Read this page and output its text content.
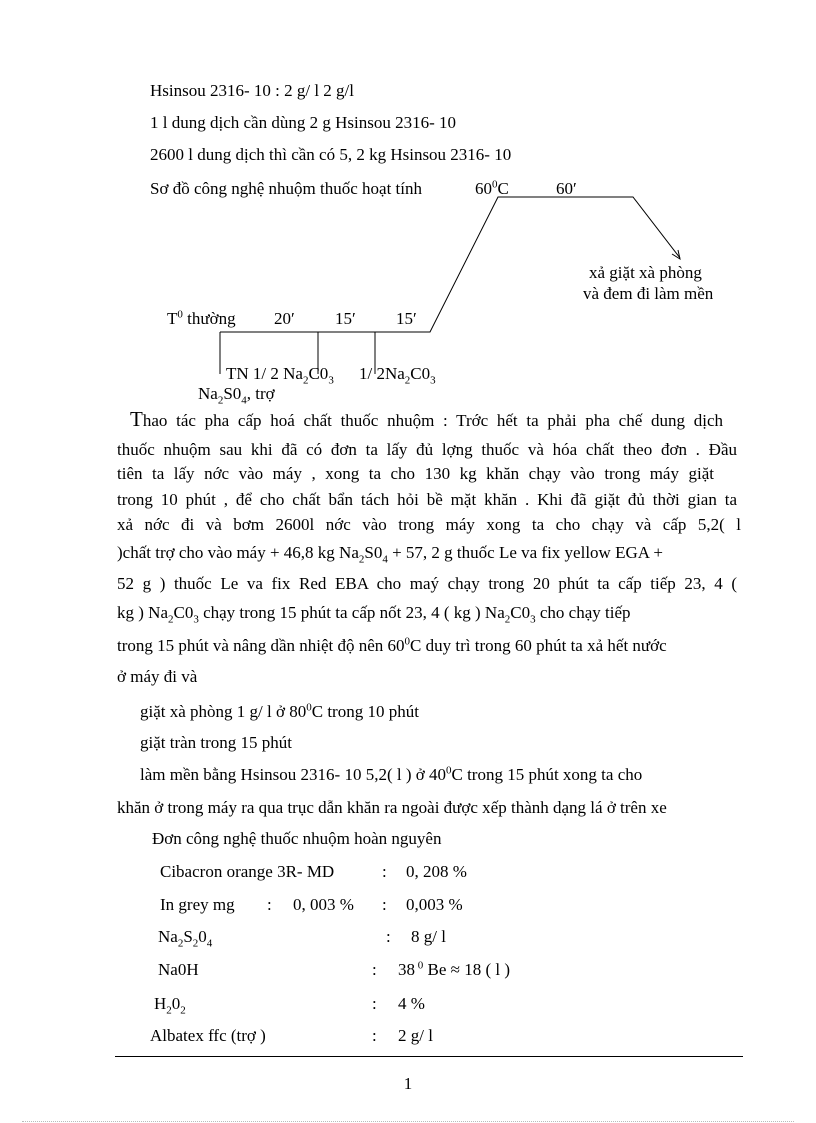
Hsinsou 2316- 10 : 2 g/ l 2 g/l
1 l dung dịch cần dùng 2 g Hsinsou 2316- 10
2600 l dung dịch thì cần có 5, 2 kg Hsinsou 2316- 10
Sơ đồ công nghệ nhuộm thuốc hoạt tính	$60^0C$	60′
xả giặt xà phòng
và đem đi làm mền
$T^0$ thường 20′ 15′ 15′
TN 1/ 2 $Na_2C0_3$ 1/ $2Na_2C0_3$
$Na_2S0_4$, trợ
Thao tác pha cấp hoá chất thuốc nhuộm : Trớc hết ta phải pha chế dung dịch
thuốc nhuộm sau khi đã có đơn ta lấy đủ lợng thuốc và hóa chất theo đơn . Đầu
tiên ta lấy nớc vào máy , xong ta cho 130 kg khăn chạy vào trong máy giặt
trong 10 phút , để cho chất bẩn tách hỏi bề mặt khăn . Khi đã giặt đủ thời gian ta
xả nớc đi và bơm 2600l nớc vào trong máy xong ta cho chạy và cấp 5,2( l
)chất trợ cho vào máy + 46,8 kg $Na_2S0_4 + 57$, 2 g thuốc Le va fix yellow EGA +
52 g ) thuốc Le va fix Red EBA cho maý chạy trong 20 phút ta cấp tiếp 23, 4 (
kg ) $Na_2C0_3$ chạy trong 15 phút ta cấp nốt 23, 4 ( kg ) $Na_2C0_3$ cho chạy tiếp
trong 15 phút và nâng dần nhiệt độ nên $60^0C$ duy trì trong 60 phút ta xả hết nước
ở máy đi và
giặt xà phòng 1 g/ l ở $80^0C$ trong 10 phút
giặt tràn trong 15 phút
làm mền bằng Hsinsou 2316- 10 5,2( l ) ở $40^0C$ trong 15 phút xong ta cho
khăn ở trong máy ra qua trục dẫn khăn ra ngoài được xếp thành dạng lá ở trên xe
Đơn công nghệ thuốc nhuộm hoàn nguyên
Cibacron orange 3R- MD	: 0, 208 %
In grey mg : 0, 003 % : 0,003 %
$Na_2S_20_4$	: 8 g/ l
Na0H	: 38 $^0$ Be ≈ 18 ( l )
$H_20_2$	: 4 %
Albatex ffc (trợ )	: 2 g/ l
1
